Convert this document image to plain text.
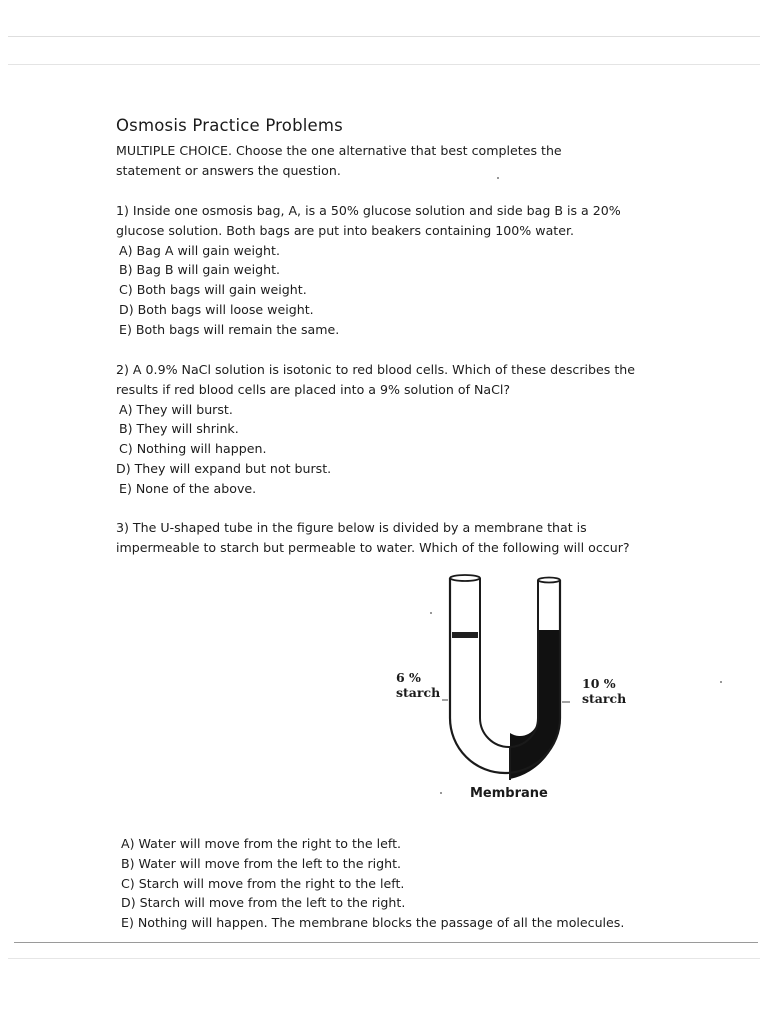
Osmosis Practice Problems

MULTIPLE CHOICE. Choose the one alternative that best completes the

statement or answers the question.

1) Inside one osmosis bag, A, is a 50% glucose solution and side bag B is a 20%

glucose solution. Both bags are put into beakers containing 100% water.

A) Bag A will gain weight.

B) Bag B will gain weight.

C) Both bags will gain weight.

D) Both bags will loose weight.

E) Both bags will remain the same.

2) A 0.9% NaCl solution is isotonic to red blood cells. Which of these describes the

results if red blood cells are placed into a 9% solution of NaCl?

A) They will burst.

B) They will shrink.

C) Nothing will happen.

D) They will expand but not burst.

E) None of the above.

3) The U-shaped tube in the figure below is divided by a membrane that is

impermeable to starch but permeable to water. Which of the following will occur?

6 %
starch
10 %
starch
Membrane

A) Water will move from the right to the left.

B) Water will move from the left to the right.

C) Starch will move from the right to the left.

D) Starch will move from the left to the right.

E) Nothing will happen. The membrane blocks the passage of all the molecules.
